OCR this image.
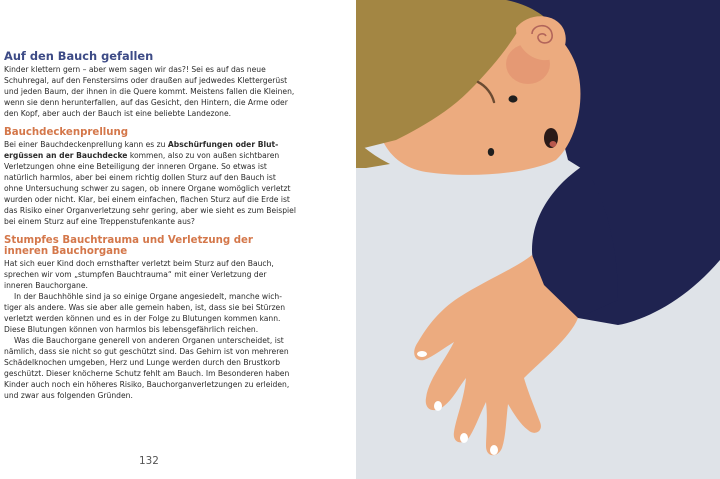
Auf den Bauch gefallen

Kinder klettern gern – aber wem sagen wir das?! Sei es auf das neue Schuhregal, auf den Fenstersims oder draußen auf jedwedes Klettergerüst und jeden Baum, der ihnen in die Quere kommt. Meistens fallen die Kleinen, wenn sie denn herunterfallen, auf das Gesicht, den Hintern, die Arme oder den Kopf, aber auch der Bauch ist eine beliebte Landezone.

Bauchdeckenprellung

Bei einer Bauchdeckenprellung kann es zu Abschürfungen oder Blutergüssen an der Bauchdecke kommen, also zu von außen sichtbaren Verletzungen ohne eine Beteiligung der inneren Organe. So etwas ist natürlich harmlos, aber bei einem richtig dollen Sturz auf den Bauch ist ohne Untersuchung schwer zu sagen, ob innere Organe womöglich verletzt wurden oder nicht. Klar, bei einem einfachen, flachen Sturz auf die Erde ist das Risiko einer Organverletzung sehr gering, aber wie sieht es zum Beispiel bei einem Sturz auf eine Treppenstufenkante aus?

Stumpfes Bauchtrauma und Verletzung der inneren Bauchorgane

Hat sich euer Kind doch ernsthafter verletzt beim Sturz auf den Bauch, sprechen wir vom „stumpfen Bauchtrauma“ mit einer Verletzung der inneren Bauchorgane.

In der Bauchhöhle sind ja so einige Organe angesiedelt, manche wichtiger als andere. Was sie aber alle gemein haben, ist, dass sie bei Stürzen verletzt werden können und es in der Folge zu Blutungen kommen kann. Diese Blutungen können von harmlos bis lebensgefährlich reichen.

Was die Bauchorgane generell von anderen Organen unterscheidet, ist nämlich, dass sie nicht so gut geschützt sind. Das Gehirn ist von mehreren Schädelknochen umgeben, Herz und Lunge werden durch den Brustkorb geschützt. Dieser knöcherne Schutz fehlt am Bauch. Im Besonderen haben Kinder auch noch ein höheres Risiko, Bauchorganverletzungen zu erleiden, und zwar aus folgenden Gründen.

132
